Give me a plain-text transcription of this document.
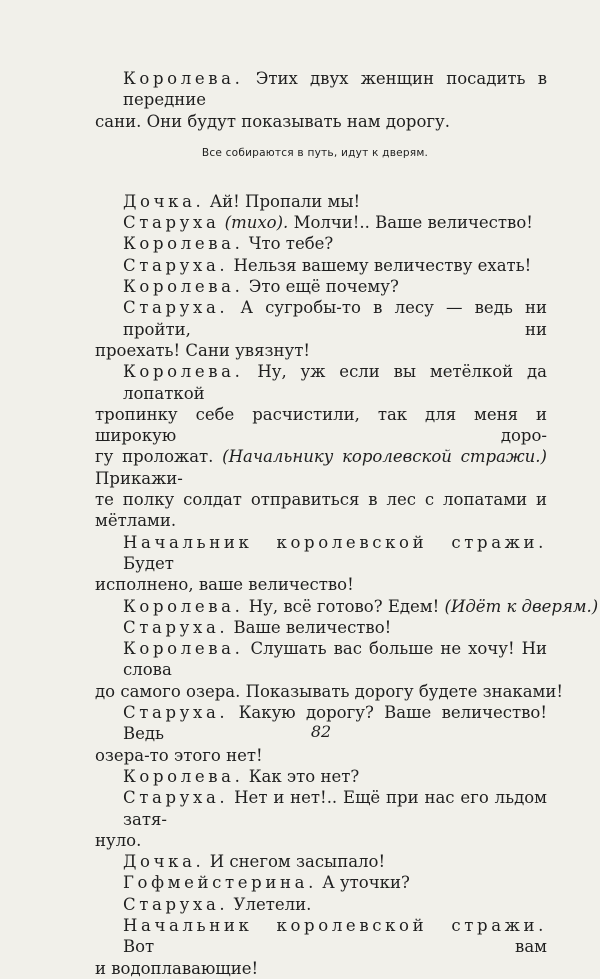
Королева. Этих двух женщин посадить в передние
сани. Они будут показывать нам дорогу.
Все собираются в путь, идут к дверям.
Дочка. Ай! Пропали мы!
Старуха (тихо). Молчи!.. Ваше величество!
Королева. Что тебе?
Старуха. Нельзя вашему величеству ехать!
Королева. Это ещё почему?
Старуха. А сугробы-то в лесу — ведь ни пройти, ни
проехать! Сани увязнут!
Королева. Ну, уж если вы метёлкой да лопаткой
тропинку себе расчистили, так для меня и широкую доро-
гу проложат. (Начальнику королевской стражи.) Прикажи-
те полку солдат отправиться в лес с лопатами и мётлами.
Начальник королевской стражи. Будет
исполнено, ваше величество!
Королева. Ну, всё готово? Едем! (Идёт к дверям.)
Старуха. Ваше величество!
Королева. Слушать вас больше не хочу! Ни слова
до самого озера. Показывать дорогу будете знаками!
Старуха. Какую дорогу? Ваше величество! Ведь
озера-то этого нет!
Королева. Как это нет?
Старуха. Нет и нет!.. Ещё при нас его льдом затя-
нуло.
Дочка. И снегом засыпало!
Гофмейстерина. А уточки?
Старуха. Улетели.
Начальник королевской стражи. Вот вам
и водоплавающие!
82
